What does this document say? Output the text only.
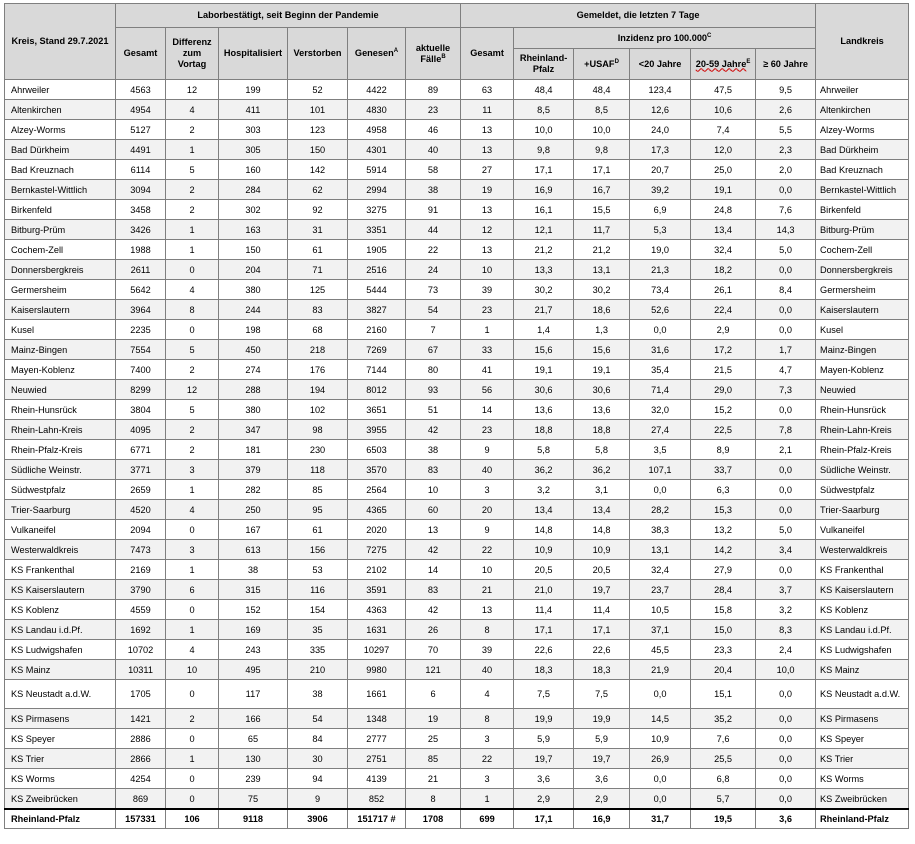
Kreis, Stand 29.7.2021	Laborbestätigt, seit Beginn der Pandemie						Gemeldet, die letzten 7 Tage						Landkreis
	Gesamt	Differenz zum Vortag	Hospitalisiert	Verstorben	Genesen$^A$	aktuelle Fälle$^B$	Gesamt	Inzidenz pro $100.000^C$
								Rheinland-Pfalz	$+USAF^D$	<20 Jahre	20-59 Jahre$^E$	≥ 60 Jahre	
Ahrweiler	4563	12	199	52	4422	89	63	48,4	48,4	123,4	47,5	9,5	Ahrweiler
Altenkirchen	4954	4	411	101	4830	23	11	8,5	8,5	12,6	10,6	2,6	Altenkirchen
Alzey-Worms	5127	2	303	123	4958	46	13	10,0	10,0	24,0	7,4	5,5	Alzey-Worms
Bad Dürkheim	4491	1	305	150	4301	40	13	9,8	9,8	17,3	12,0	2,3	Bad Dürkheim
Bad Kreuznach	6114	5	160	142	5914	58	27	17,1	17,1	20,7	25,0	2,0	Bad Kreuznach
Bernkastel-Wittlich	3094	2	284	62	2994	38	19	16,9	16,7	39,2	19,1	0,0	Bernkastel-Wittlich
Birkenfeld	3458	2	302	92	3275	91	13	16,1	15,5	6,9	24,8	7,6	Birkenfeld
Bitburg-Prüm	3426	1	163	31	3351	44	12	12,1	11,7	5,3	13,4	14,3	Bitburg-Prüm
Cochem-Zell	1988	1	150	61	1905	22	13	21,2	21,2	19,0	32,4	5,0	Cochem-Zell
Donnersbergkreis	2611	0	204	71	2516	24	10	13,3	13,1	21,3	18,2	0,0	Donnersbergkreis
Germersheim	5642	4	380	125	5444	73	39	30,2	30,2	73,4	26,1	8,4	Germersheim
Kaiserslautern	3964	8	244	83	3827	54	23	21,7	18,6	52,6	22,4	0,0	Kaiserslautern
Kusel	2235	0	198	68	2160	7	1	1,4	1,3	0,0	2,9	0,0	Kusel
Mainz-Bingen	7554	5	450	218	7269	67	33	15,6	15,6	31,6	17,2	1,7	Mainz-Bingen
Mayen-Koblenz	7400	2	274	176	7144	80	41	19,1	19,1	35,4	21,5	4,7	Mayen-Koblenz
Neuwied	8299	12	288	194	8012	93	56	30,6	30,6	71,4	29,0	7,3	Neuwied
Rhein-Hunsrück	3804	5	380	102	3651	51	14	13,6	13,6	32,0	15,2	0,0	Rhein-Hunsrück
Rhein-Lahn-Kreis	4095	2	347	98	3955	42	23	18,8	18,8	27,4	22,5	7,8	Rhein-Lahn-Kreis
Rhein-Pfalz-Kreis	6771	2	181	230	6503	38	9	5,8	5,8	3,5	8,9	2,1	Rhein-Pfalz-Kreis
Südliche Weinstr.	3771	3	379	118	3570	83	40	36,2	36,2	107,1	33,7	0,0	Südliche Weinstr.
Südwestpfalz	2659	1	282	85	2564	10	3	3,2	3,1	0,0	6,3	0,0	Südwestpfalz
Trier-Saarburg	4520	4	250	95	4365	60	20	13,4	13,4	28,2	15,3	0,0	Trier-Saarburg
Vulkaneifel	2094	0	167	61	2020	13	9	14,8	14,8	38,3	13,2	5,0	Vulkaneifel
Westerwaldkreis	7473	3	613	156	7275	42	22	10,9	10,9	13,1	14,2	3,4	Westerwaldkreis
KS Frankenthal	2169	1	38	53	2102	14	10	20,5	20,5	32,4	27,9	0,0	KS Frankenthal
KS Kaiserslautern	3790	6	315	116	3591	83	21	21,0	19,7	23,7	28,4	3,7	KS Kaiserslautern
KS Koblenz	4559	0	152	154	4363	42	13	11,4	11,4	10,5	15,8	3,2	KS Koblenz
KS Landau i.d.Pf.	1692	1	169	35	1631	26	8	17,1	17,1	37,1	15,0	8,3	KS Landau i.d.Pf.
KS Ludwigshafen	10702	4	243	335	10297	70	39	22,6	22,6	45,5	23,3	2,4	KS Ludwigshafen
KS Mainz	10311	10	495	210	9980	121	40	18,3	18,3	21,9	20,4	10,0	KS Mainz
KS Neustadt a.d.W.	1705	0	117	38	1661	6	4	7,5	7,5	0,0	15,1	0,0	KS Neustadt a.d.W.
KS Pirmasens	1421	2	166	54	1348	19	8	19,9	19,9	14,5	35,2	0,0	KS Pirmasens
KS Speyer	2886	0	65	84	2777	25	3	5,9	5,9	10,9	7,6	0,0	KS Speyer
KS Trier	2866	1	130	30	2751	85	22	19,7	19,7	26,9	25,5	0,0	KS Trier
KS Worms	4254	0	239	94	4139	21	3	3,6	3,6	0,0	6,8	0,0	KS Worms
KS Zweibrücken	869	0	75	9	852	8	1	2,9	2,9	0,0	5,7	0,0	KS Zweibrücken
Rheinland-Pfalz	157331	106	9118	3906	151717 #	1708	699	17,1	16,9	31,7	19,5	3,6	Rheinland-Pfalz
